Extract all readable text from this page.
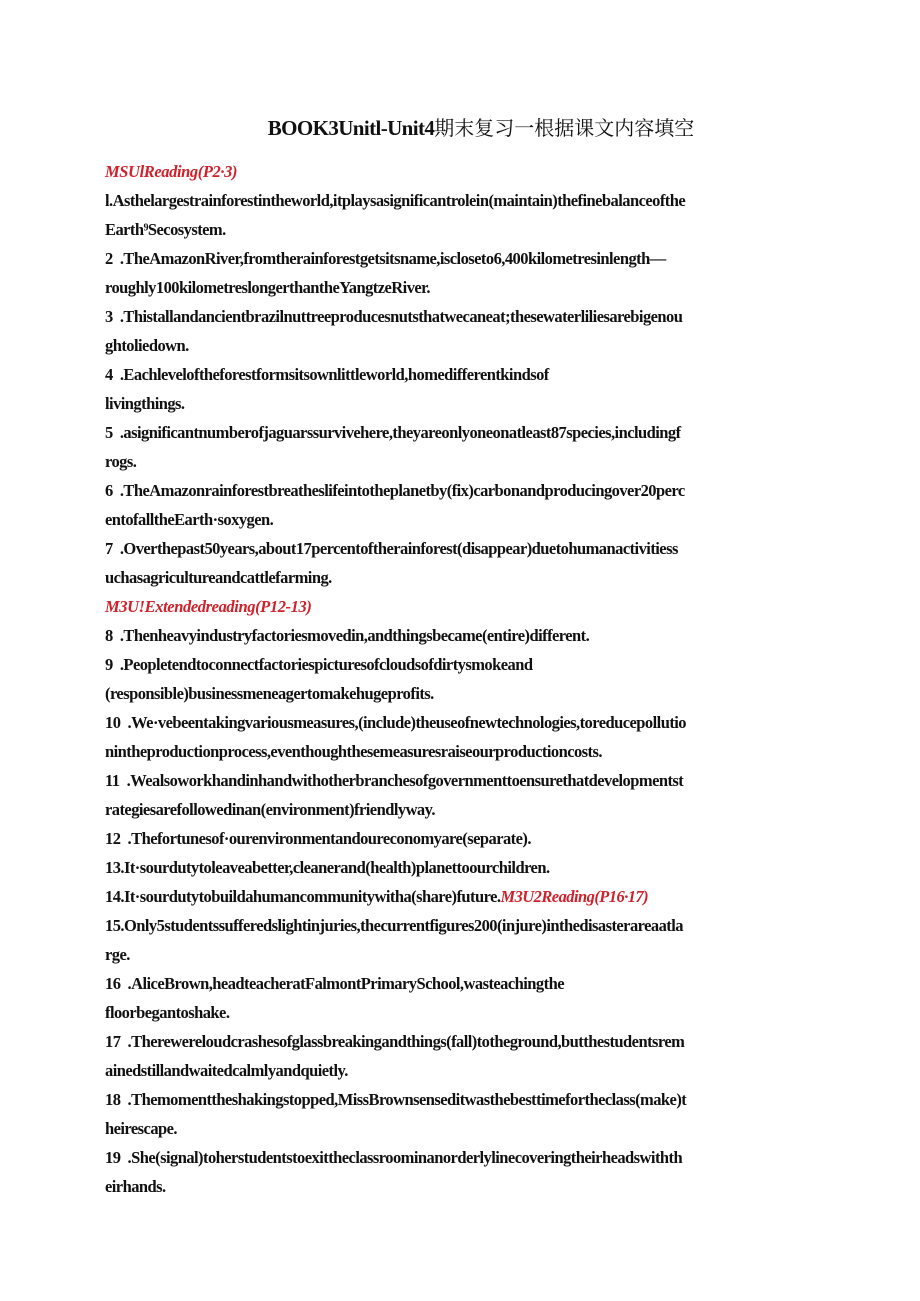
BOOK3Unitl-Unit4期末复习一根据课文内容填空
MSUlReading(P2·3)
l.Asthelargestrainforestintheworld,itplaysasignificantrolein(maintain)thefinebalanceofthe
Earth⁹Secosystem.
2  .TheAmazonRiver,fromtherainforestgetsitsname,isclosetо6,400kilometresinlength—
roughly100kilometreslongerthantheYangtzeRiver.
3  .Thistallandancientbrazilnuttreeproducesnutsthatwecaneat;thesewaterliliesarebigenou
ghtoliedown.
4  .Eachleveloftheforestformsitsownlittleworld,homedifferentkindsof
livingthings.
5  .asignificantnumberofjaguarssurvivehere,theyareonlyoneonatleast87species,includingf
rogs.
6  .TheAmazonrainforestbreatheslifeintotheplanetby(fix)carbonandproducingover20perc
entofalltheEarth·soxygen.
7  .Overthepast50years,about17percentoftherainforest(disappear)duetohumanactivitiess
uchasagricultureandcattlefarming.
M3U!Extendedreading(P12-13)
8  .Thenheavyindustryfactoriesmovedin,andthingsbecame(entire)different.
9  .Peopletendtoconnectfactoriespicturesofcloudsofdirtysmokeand
(responsible)businessmeneagertomakehugeprofits.
10  .We·vebeentakingvariousmeasures,(include)theuseofnewtechnologies,toreducepollutio
nintheproductionprocess,eventhoughthesemeasuresraiseourproductioncosts.
11  .Wealsoworkhandinhandwithotherbranchesofgovernmenttoensurethatdevelopmentst
rategiesarefollowedinan(environment)friendlyway.
12  .Thefortunesof·ourenvironmentandoureconomyare(separate).
13.It·sourdutytoleaveabetter,cleanerand(health)planettoourchildren.
14.It·sourdutytobuildahumancommunitywitha(share)future.M3U2Reading(P16·17)
15.Only5studentssufferedslightinjuries,thecurrentfigures200(injure)inthedisasterareaatla
rge.
16  .AliceBrown,headteacheratFalmontPrimarySchool,wasteachingthe
floorbegantoshake.
17  .Therewereloudcrashesofglassbreakingandthings(fall)totheground,butthestudentsrem
ainedstillandwaitedcalmlyandquietly.
18  .Themomenttheshakingstopped,MissBrownsenseditwasthebesttimefortheclass(make)t
heirescape.
19  .She(signal)toherstudentstoexittheclassroominanorderlylinecoveringtheirheadswithth
eirhands.
